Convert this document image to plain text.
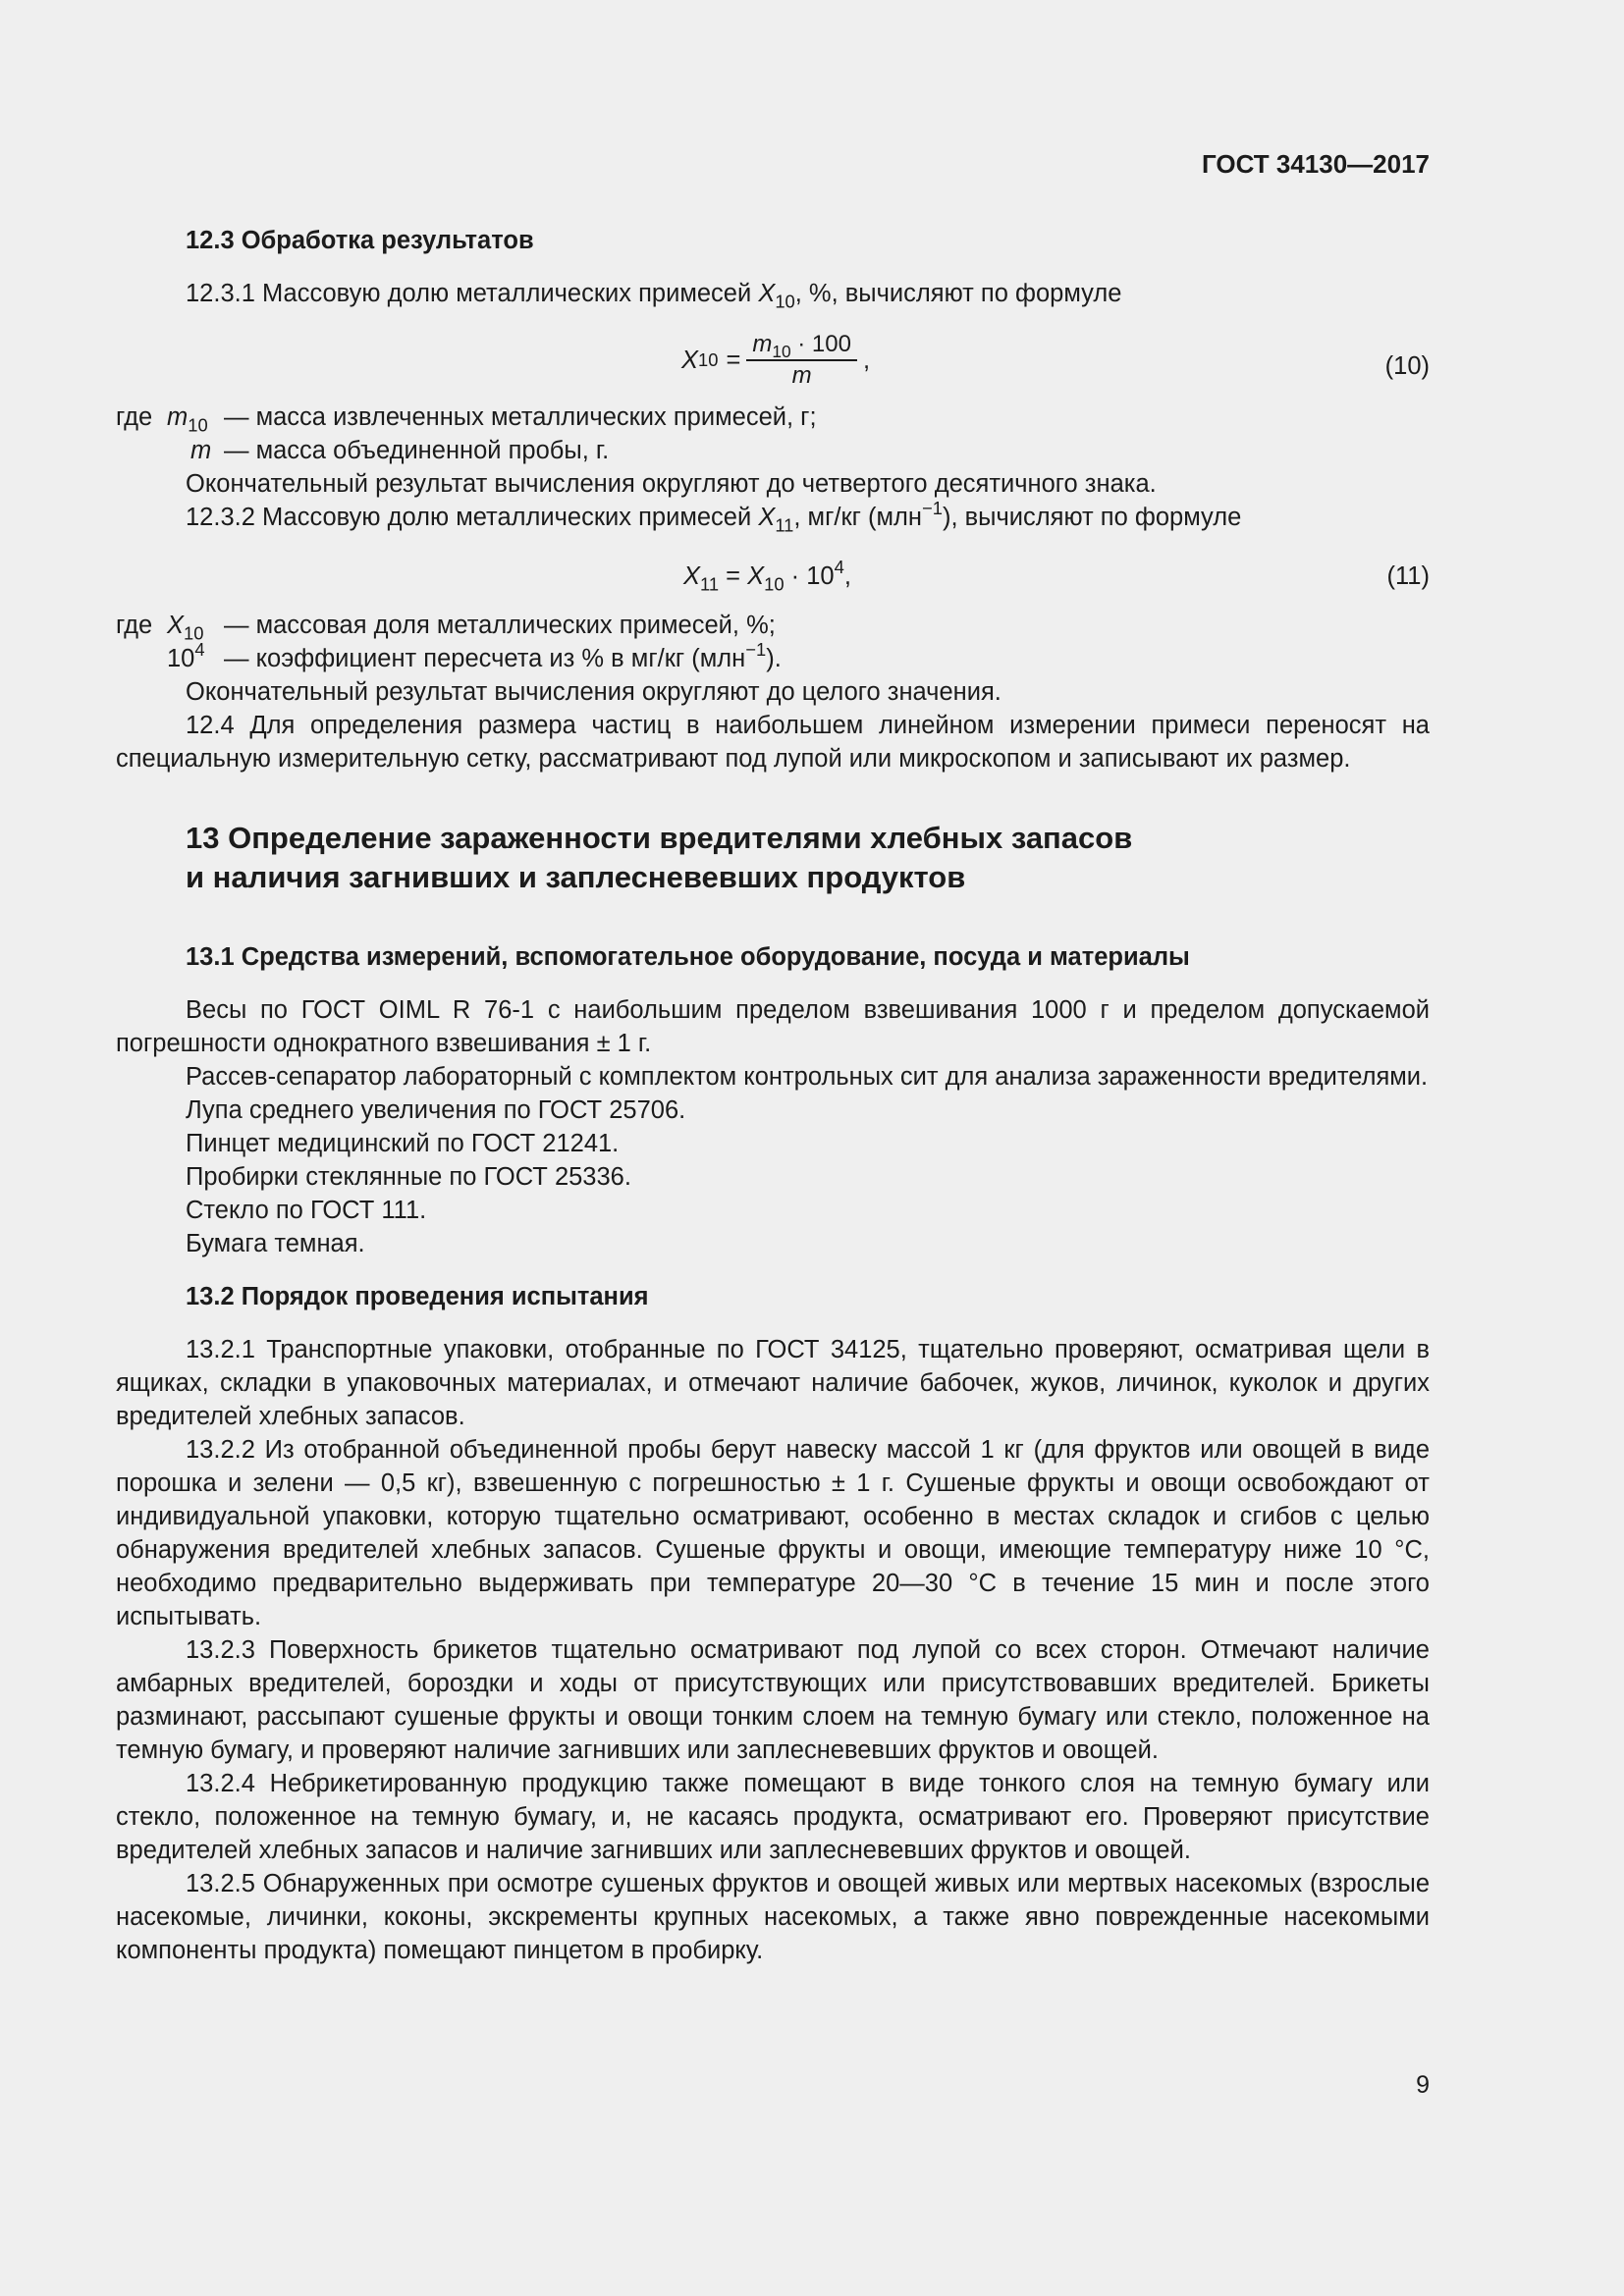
ГОСТ 34130—2017

12.3 Обработка результатов

12.3.1 Массовую долю металлических примесей $X_{10}$, %, вычисляют по формуле

X $10 = \frac{m_{10} \cdot 100}{m}$ ,	(10)
где $m_{10}$ — масса извлеченных металлических примесей, г;
m — масса объединенной пробы, г.

Окончательный результат вычисления округляют до четвертого десятичного знака.

12.3.2 Массовую долю металлических примесей $X_{11}$, мг/кг (млн$^{-1}$), вычисляют по формуле

$X_{11} = X_{10} \cdot 10^4$,	(11)
где $X_{10}$ — массовая доля металлических примесей, %;
$10^4$ — коэффициент пересчета из % в мг/кг (млн$^{-1}$).

Окончательный результат вычисления округляют до целого значения.

12.4 Для определения размера частиц в наибольшем линейном измерении примеси переносят на специальную измерительную сетку, рассматривают под лупой или микроскопом и записывают их размер.

13 Определение зараженности вредителями хлебных запасов

и наличия загнивших и заплесневевших продуктов

13.1 Средства измерений, вспомогательное оборудование, посуда и материалы

Весы по ГОСТ OIML R 76-1 с наибольшим пределом взвешивания 1000 г и пределом допускаемой погрешности однократного взвешивания ± 1 г.

Рассев-сепаратор лабораторный с комплектом контрольных сит для анализа зараженности вредителями.

Лупа среднего увеличения по ГОСТ 25706.

Пинцет медицинский по ГОСТ 21241.

Пробирки стеклянные по ГОСТ 25336.

Стекло по ГОСТ 111.

Бумага темная.

13.2 Порядок проведения испытания

13.2.1 Транспортные упаковки, отобранные по ГОСТ 34125, тщательно проверяют, осматривая щели в ящиках, складки в упаковочных материалах, и отмечают наличие бабочек, жуков, личинок, куколок и других вредителей хлебных запасов.

13.2.2 Из отобранной объединенной пробы берут навеску массой 1 кг (для фруктов или овощей в виде порошка и зелени — 0,5 кг), взвешенную с погрешностью ± 1 г. Сушеные фрукты и овощи освобождают от индивидуальной упаковки, которую тщательно осматривают, особенно в местах складок и сгибов с целью обнаружения вредителей хлебных запасов. Сушеные фрукты и овощи, имеющие температуру ниже 10 °С, необходимо предварительно выдерживать при температуре 20—30 °С в течение 15 мин и после этого испытывать.

13.2.3 Поверхность брикетов тщательно осматривают под лупой со всех сторон. Отмечают наличие амбарных вредителей, бороздки и ходы от присутствующих или присутствовавших вредителей. Брикеты разминают, рассыпают сушеные фрукты и овощи тонким слоем на темную бумагу или стекло, положенное на темную бумагу, и проверяют наличие загнивших или заплесневевших фруктов и овощей.

13.2.4 Небрикетированную продукцию также помещают в виде тонкого слоя на темную бумагу или стекло, положенное на темную бумагу, и, не касаясь продукта, осматривают его. Проверяют присутствие вредителей хлебных запасов и наличие загнивших или заплесневевших фруктов и овощей.

13.2.5 Обнаруженных при осмотре сушеных фруктов и овощей живых или мертвых насекомых (взрослые насекомые, личинки, коконы, экскременты крупных насекомых, а также явно поврежденные насекомыми компоненты продукта) помещают пинцетом в пробирку.

9
